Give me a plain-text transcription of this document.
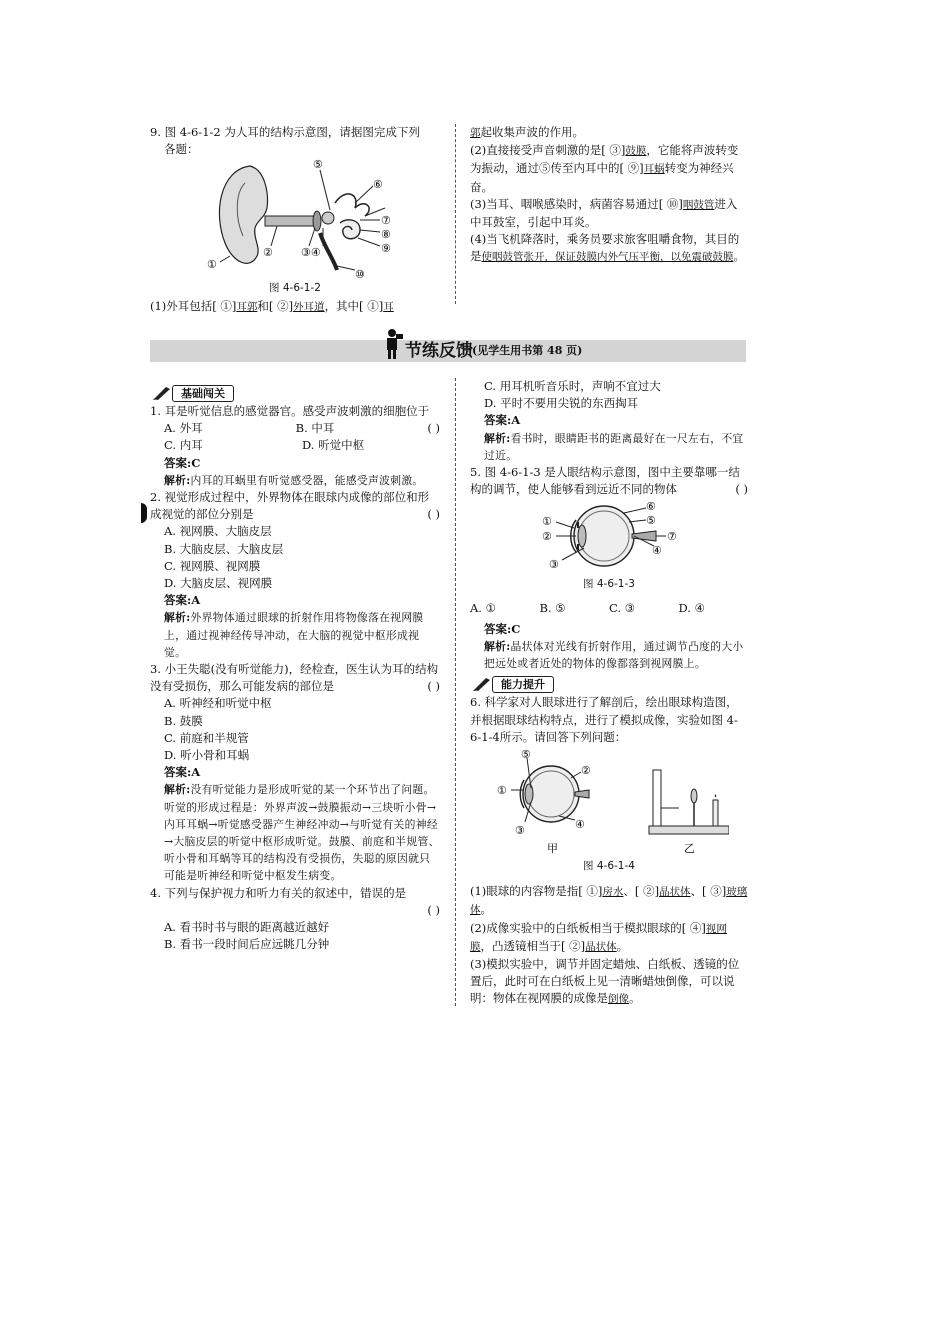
9. 图 4-6-1-2 为人耳的结构示意图，请据图完成下列

各题：

①
②	③④
⑤
⑥
⑦
⑧
⑨
⑩

图 4-6-1-2

(1)外耳包括[ ①]耳郭和[ ②]外耳道，其中[ ①]耳

郭起收集声波的作用。

(2)直接接受声音刺激的是[ ③]鼓膜，它能将声波转变为振动，通过⑤传至内耳中的[ ⑨]耳蜗转变为神经兴奋。

(3)当耳、咽喉感染时，病菌容易通过[ ⑩]咽鼓管进入中耳鼓室，引起中耳炎。

(4)当飞机降落时，乘务员要求旅客咀嚼食物，其目的是使咽鼓管张开，保证鼓膜内外气压平衡，以免震破鼓膜。

节练反馈 (见学生用书第 48 页)
基础闯关

1. 耳是听觉信息的感觉器官。感受声波刺激的细胞位于
( )

A. 外耳	B. 中耳
C. 内耳	D. 听觉中枢

答案:C

解析:内耳的耳蜗里有听觉感受器，能感受声波刺激。

2. 视觉形成过程中，外界物体在眼球内成像的部位和形成视觉的部位分别是	( )

A. 视网膜、大脑皮层

B. 大脑皮层、大脑皮层

C. 视网膜、视网膜

D. 大脑皮层、视网膜

答案:A

解析:外界物体通过眼球的折射作用将物像落在视网膜上，通过视神经传导冲动，在大脑的视觉中枢形成视觉。

3. 小王失聪(没有听觉能力)，经检查，医生认为耳的结构没有受损伤，那么可能发病的部位是	( )

A. 听神经和听觉中枢

B. 鼓膜

C. 前庭和半规管

D. 听小骨和耳蜗

答案:A

解析:没有听觉能力是形成听觉的某一个环节出了问题。听觉的形成过程是：外界声波→鼓膜振动→三块听小骨→内耳耳蜗→听觉感受器产生神经冲动→与听觉有关的神经→大脑皮层的听觉中枢形成听觉。鼓膜、前庭和半规管、听小骨和耳蜗等耳的结构没有受损伤，失聪的原因就只可能是听神经和听觉中枢发生病变。

4. 下列与保护视力和听力有关的叙述中，错误的是

( )

A. 看书时书与眼的距离越近越好

B. 看书一段时间后应远眺几分钟

C. 用耳机听音乐时，声响不宜过大

D. 平时不要用尖锐的东西掏耳

答案:A

解析:看书时，眼睛距书的距离最好在一尺左右，不宜过近。

5. 图 4-6-1-3 是人眼结构示意图，图中主要靠哪一结构的调节，使人能够看到远近不同的物体	( )

①
②
③
④
⑤
⑥
⑦

图 4-6-1-3

A. ①	B. ⑤	C. ③	D. ④

答案:C

解析:晶状体对光线有折射作用，通过调节凸度的大小把远处或者近处的物体的像都落到视网膜上。

能力提升

6. 科学家对人眼球进行了解剖后，绘出眼球构造图，并根据眼球结构特点，进行了模拟成像，实验如图 4-6-1-4所示。请回答下列问题：

①
②
③	④
⑤
甲	乙

图 4-6-1-4

(1)眼球的内容物是指[ ①]房水、[ ②]晶状体、[ ③]玻璃体。

(2)成像实验中的白纸板相当于模拟眼球的[ ④]视网膜，凸透镜相当于[ ②]晶状体。

(3)模拟实验中，调节并固定蜡烛、白纸板、透镜的位置后，此时可在白纸板上见一清晰蜡烛倒像，可以说明：物体在视网膜的成像是倒像。
